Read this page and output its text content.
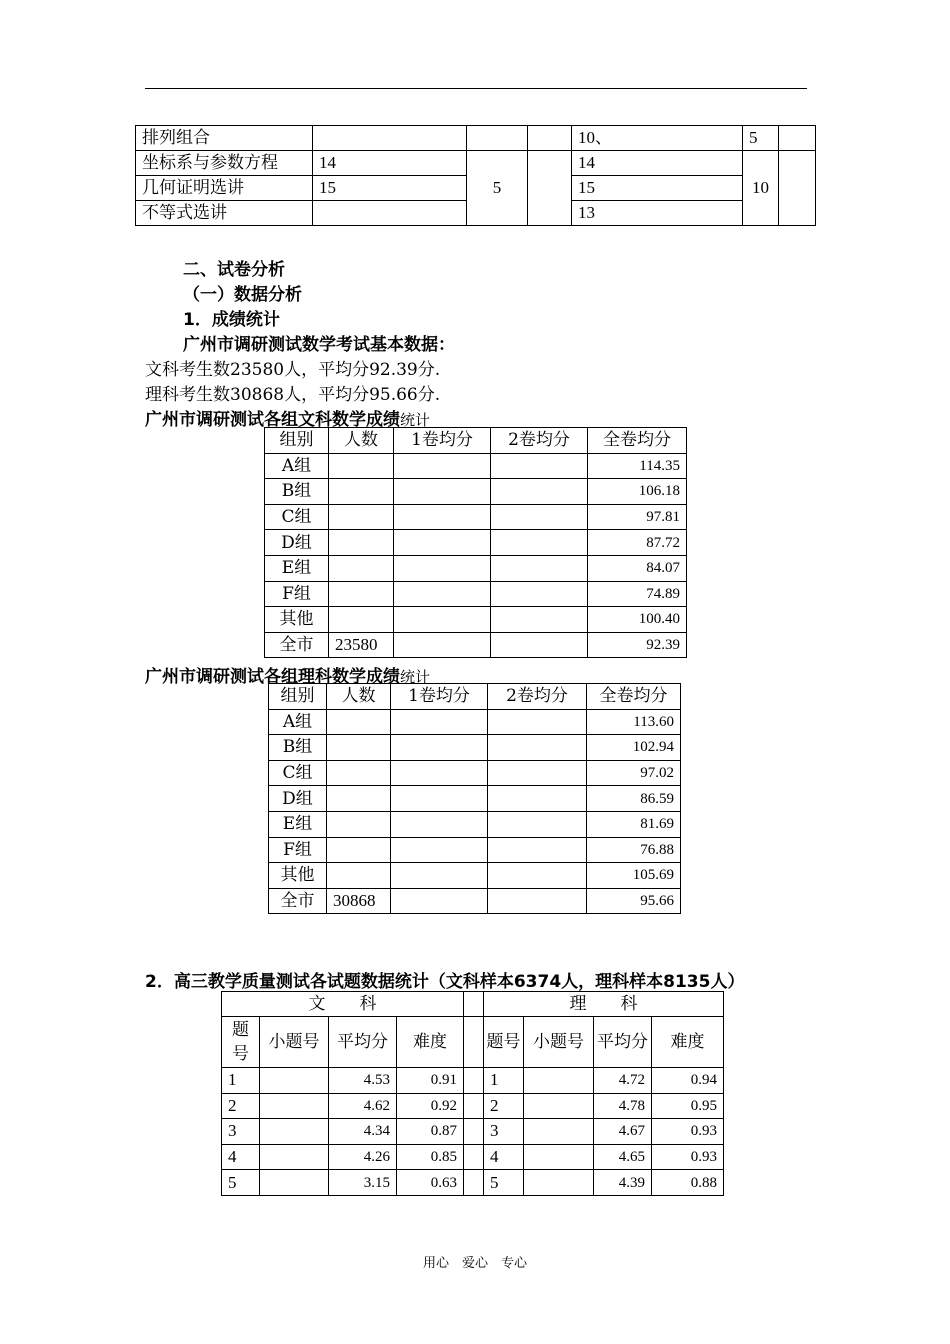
排列组合				10、	5	
坐标系与参数方程	14	5		14	10	
几何证明选讲	15			15		
不等式选讲				13		
二、试卷分析
（一）数据分析
1．成绩统计
广州市调研测试数学考试基本数据：
文科考生数23580人，平均分92.39分.
理科考生数30868人，平均分95.66分.
广州市调研测试各组文科数学成绩统计
组别	人数	1卷均分	2卷均分	全卷均分
A组				114.35
B组				106.18
C组				97.81
D组				87.72
E组				84.07
F组				74.89
其他				100.40
全市	23580			92.39
广州市调研测试各组理科数学成绩统计
组别	人数	1卷均分	2卷均分	全卷均分
A组				113.60
B组				102.94
C组				97.02
D组				86.59
E组				81.69
F组				76.88
其他				105.69
全市	30868			95.66
2．高三教学质量测试各试题数据统计（文科样本6374人，理科样本8135人）
文　　科					理　　科			
题号	小题号	平均分	难度		题号	小题号	平均分	难度
1		4.53	0.91		1		4.72	0.94
2		4.62	0.92		2		4.78	0.95
3		4.34	0.87		3		4.67	0.93
4		4.26	0.85		4		4.65	0.93
5		3.15	0.63		5		4.39	0.88
用心　爱心　专心
